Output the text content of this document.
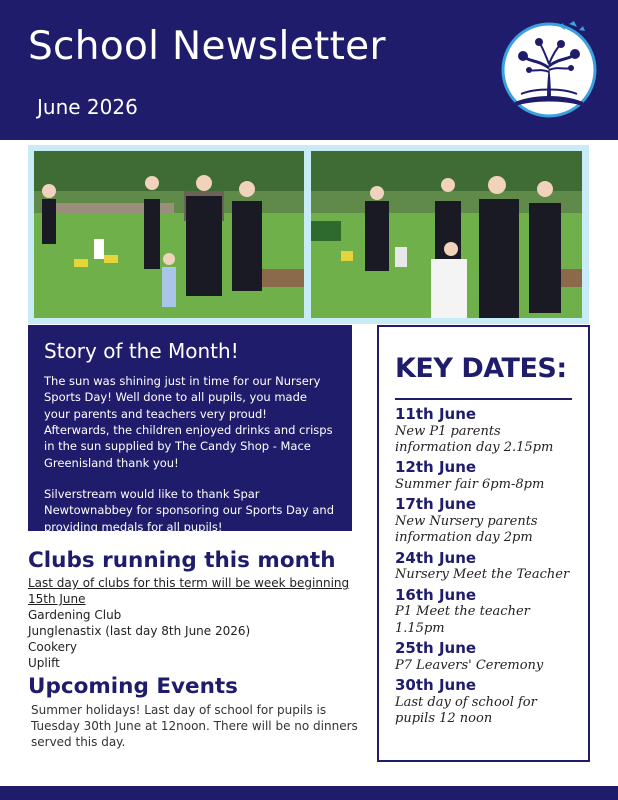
School Newsletter
June 2026
Story of the Month!

The sun was shining just in time for our Nursery Sports Day! Well done to all pupils, you made your parents and teachers very proud! Afterwards, the children enjoyed drinks and crisps in the sun supplied by The Candy Shop - Mace Greenisland thank you!

Silverstream would like to thank Spar Newtownabbey for sponsoring our Sports Day and providing medals for all pupils!

Clubs running this month
Last day of clubs for this term will be week beginning 15th June
Gardening Club
Junglenastix (last day 8th June 2026)
Cookery
Uplift
Upcoming Events

Summer holidays! Last day of school for pupils is Tuesday 30th June at 12noon. There will be no dinners served this day.

KEY DATES:
11th June
New P1 parents information day 2.15pm
12th June
Summer fair 6pm-8pm
17th June
New Nursery parents information day 2pm
24th June
Nursery Meet the Teacher
16th June
P1 Meet the teacher 1.15pm
25th June
P7 Leavers' Ceremony
30th June
Last day of school for pupils 12 noon
